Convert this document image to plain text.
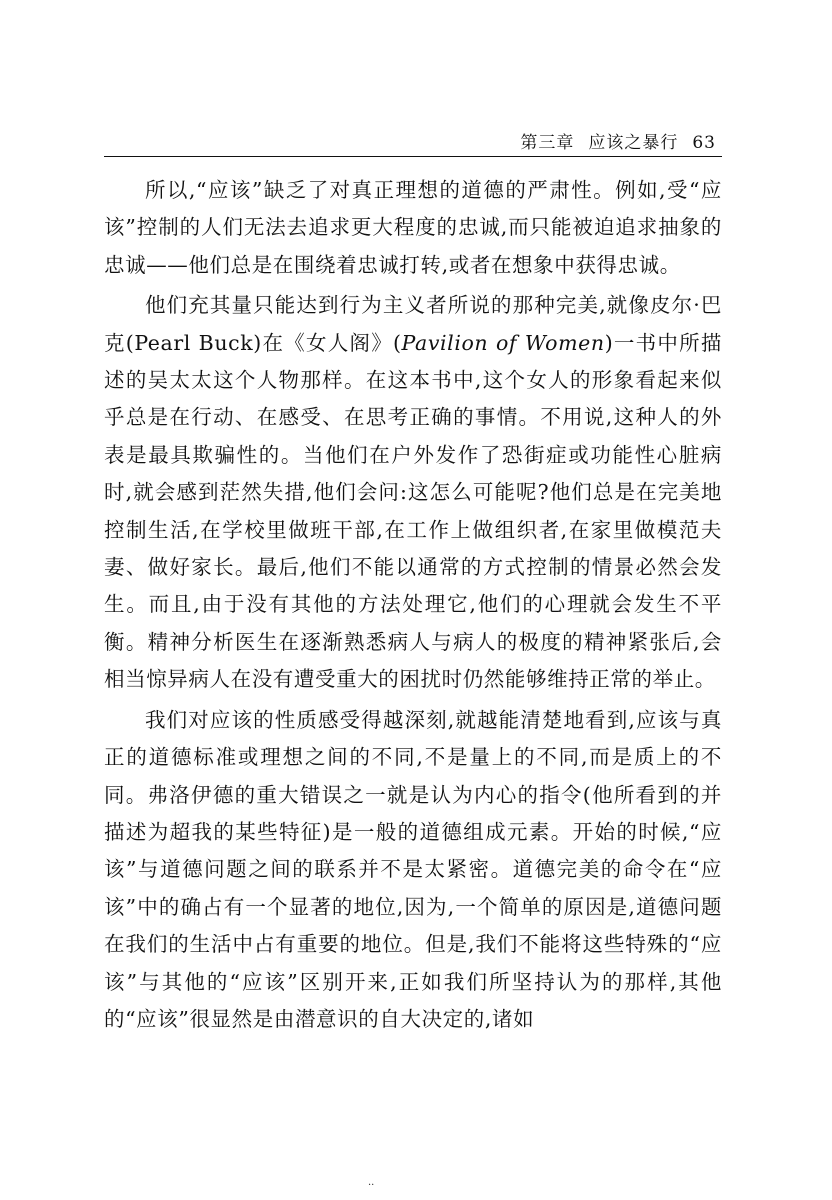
第三章 应该之暴行 63

所以,“应该”缺乏了对真正理想的道德的严肃性。例如,受“应该”控制的人们无法去追求更大程度的忠诚,而只能被迫追求抽象的忠诚——他们总是在围绕着忠诚打转,或者在想象中获得忠诚。

他们充其量只能达到行为主义者所说的那种完美,就像皮尔·巴克(Pearl Buck)在《女人阁》(Pavilion of Women)一书中所描述的吴太太这个人物那样。在这本书中,这个女人的形象看起来似乎总是在行动、在感受、在思考正确的事情。不用说,这种人的外表是最具欺骗性的。当他们在户外发作了恐街症或功能性心脏病时,就会感到茫然失措,他们会问:这怎么可能呢?他们总是在完美地控制生活,在学校里做班干部,在工作上做组织者,在家里做模范夫妻、做好家长。最后,他们不能以通常的方式控制的情景必然会发生。而且,由于没有其他的方法处理它,他们的心理就会发生不平衡。精神分析医生在逐渐熟悉病人与病人的极度的精神紧张后,会相当惊异病人在没有遭受重大的困扰时仍然能够维持正常的举止。

我们对应该的性质感受得越深刻,就越能清楚地看到,应该与真正的道德标准或理想之间的不同,不是量上的不同,而是质上的不同。弗洛伊德的重大错误之一就是认为内心的指令(他所看到的并描述为超我的某些特征)是一般的道德组成元素。开始的时候,“应该”与道德问题之间的联系并不是太紧密。道德完美的命令在“应该”中的确占有一个显著的地位,因为,一个简单的原因是,道德问题在我们的生活中占有重要的地位。但是,我们不能将这些特殊的“应该”与其他的“应该”区别开来,正如我们所坚持认为的那样,其他的“应该”很显然是由潜意识的自大决定的,诸如

··
